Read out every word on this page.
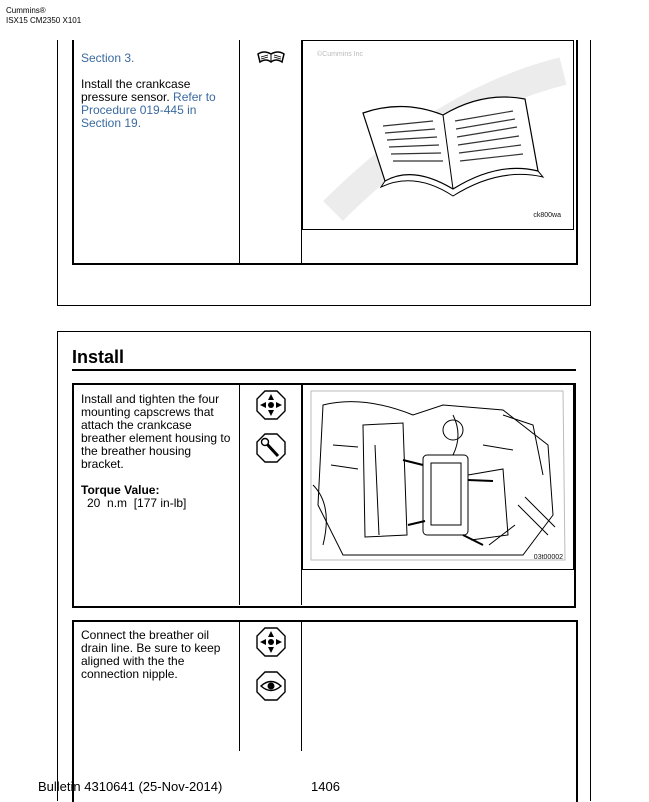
Cummins®
ISX15 CM2350 X101
Section 3.
Install the crankcase pressure sensor. Refer to
Procedure 019-445 in
Section 19.
©Cummins Inc
ck800wa
Install
Install and tighten the four
mounting capscrews that
attach the crankcase
breather element housing to
the breather housing
bracket.
Torque Value:
20  n.m  [177 in-lb]
03t00002
Connect the breather oil
drain line. Be sure to keep
aligned with the the
connection nipple.
Bulletin 4310641 (25-Nov-2014)	1406
